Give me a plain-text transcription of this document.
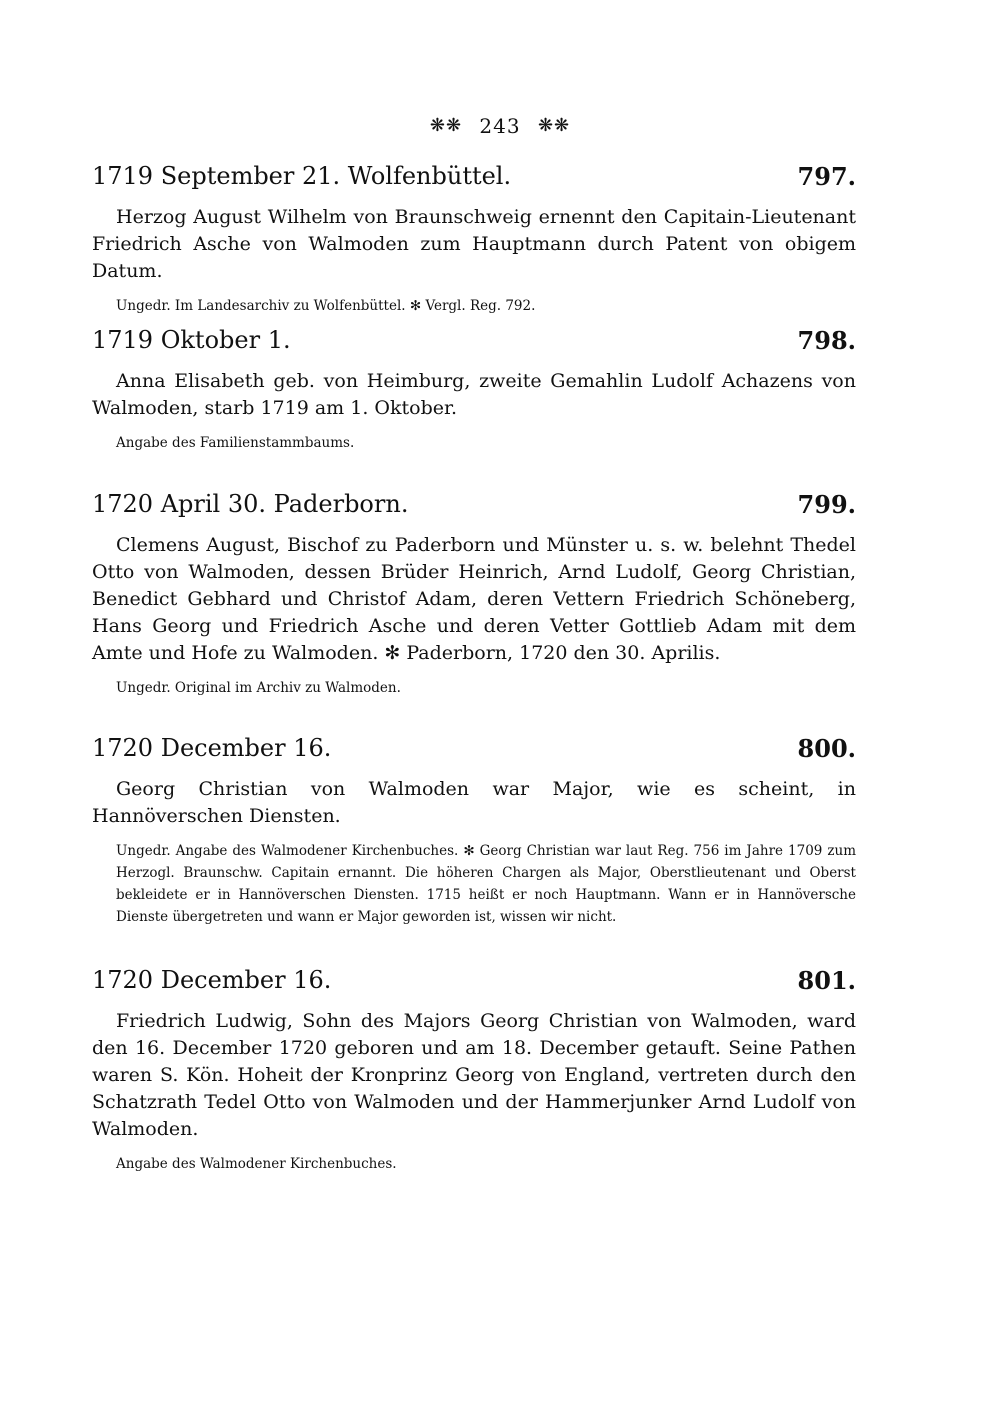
❋❋ 243 ❋❋
1719 September 21. Wolfenbüttel.	797.
Herzog August Wilhelm von Braunschweig ernennt den Capitain-Lieutenant Friedrich Asche von Walmoden zum Hauptmann durch Patent von obigem Datum.
Ungedr. Im Landesarchiv zu Wolfenbüttel. ✻ Vergl. Reg. 792.
1719 Oktober 1.	798.
Anna Elisabeth geb. von Heimburg, zweite Gemahlin Ludolf Achazens von Walmoden, starb 1719 am 1. Oktober.
Angabe des Familienstammbaums.
1720 April 30. Paderborn.	799.
Clemens August, Bischof zu Paderborn und Münster u. s. w. belehnt Thedel Otto von Walmoden, dessen Brüder Heinrich, Arnd Ludolf, Georg Christian, Benedict Gebhard und Christof Adam, deren Vettern Friedrich Schöneberg, Hans Georg und Friedrich Asche und deren Vetter Gottlieb Adam mit dem Amte und Hofe zu Walmoden. ✻ Paderborn, 1720 den 30. Aprilis.
Ungedr. Original im Archiv zu Walmoden.
1720 December 16.	800.
Georg Christian von Walmoden war Major, wie es scheint, in Hannöverschen Diensten.
Ungedr. Angabe des Walmodener Kirchenbuches. ✻ Georg Christian war laut Reg. 756 im Jahre 1709 zum Herzogl. Braunschw. Capitain ernannt. Die höheren Chargen als Major, Oberstlieutenant und Oberst bekleidete er in Hannöverschen Diensten. 1715 heißt er noch Hauptmann. Wann er in Hannöversche Dienste übergetreten und wann er Major geworden ist, wissen wir nicht.
1720 December 16.	801.
Friedrich Ludwig, Sohn des Majors Georg Christian von Walmoden, ward den 16. December 1720 geboren und am 18. December getauft. Seine Pathen waren S. Kön. Hoheit der Kronprinz Georg von England, vertreten durch den Schatzrath Tedel Otto von Walmoden und der Hammerjunker Arnd Ludolf von Walmoden.
Angabe des Walmodener Kirchenbuches.
